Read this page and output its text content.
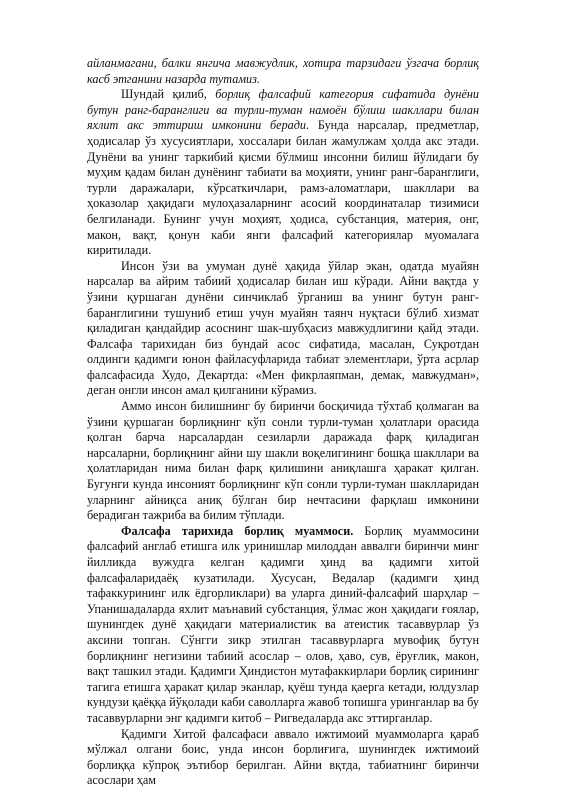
айланмагани, балки янгича мавжудлик, хотира тарзидаги ўзгача борлиқ касб этганини назарда тутамиз.

Шундай қилиб, борлиқ фалсафий категория сифатида дунёни бутун ранг-баранглиги ва турли-туман намоён бўлиш шакллари билан яхлит акс эттириш имконини беради. Бунда нарсалар, предметлар, ҳодисалар ўз хусусиятлари, хоссалари билан жамулжам ҳолда акс этади. Дунёни ва унинг таркибий қисми бўлмиш инсонни билиш йўлидаги бу муҳим қадам билан дунёнинг табиати ва моҳияти, унинг ранг-баранглиги, турли даражалари, кўрсаткичлари, рамз-аломатлари, шакллари ва ҳоказолар ҳақидаги мулоҳазаларнинг асосий координаталар тизимиси белгиланади. Бунинг учун моҳият, ҳодиса, субстанция, материя, онг, макон, вақт, қонун каби янги фалсафий категориялар муомалага киритилади.

Инсон ўзи ва умуман дунё ҳақида ўйлар экан, одатда муайян нарсалар ва айрим табиий ҳодисалар билан иш кўради. Айни вақтда у ўзини қуршаган дунёни синчиклаб ўрганиш ва унинг бутун ранг-баранглигини тушуниб етиш учун муайян таянч нуқтаси бўлиб хизмат қиладиган қандайдир асоснинг шак-шубҳасиз мавжудлигини қайд этади. Фалсафа тарихидан биз бундай асос сифатида, масалан, Суқротдан олдинги қадимги юнон файласуфларида табиат элементлари, ўрта асрлар фалсафасида Худо, Декартда: «Мен фикрлаяпман, демак, мавжудман», деган онгли инсон амал қилганини кўрамиз.

Аммо инсон билишнинг бу биринчи босқичида тўхтаб қолмаган ва ўзини қуршаган борлиқнинг кўп сонли турли-туман ҳолатлари орасида қолган барча нарсалардан сезиларли даражада фарқ қиладиган нарсаларни, борлиқнинг айни шу шакли воқелигининг бошқа шакллари ва ҳолатларидан нима билан фарқ қилишини аниқлашга ҳаракат қилган. Бугунги кунда инсоният борлиқнинг кўп сонли турли-туман шаклларидан уларнинг айниқса аниқ бўлган бир нечтасини фарқлаш имконини берадиган тажриба ва билим тўплади.

Фалсафа тарихида борлиқ муаммоси. Борлиқ муаммосини фалсафий англаб етишга илк уринишлар милоддан аввалги биринчи минг йилликда вужудга келган қадимги ҳинд ва қадимги хитой фалсафаларидаёқ кузатилади. Хусусан, Ведалар (қадимги ҳинд тафаккурининг илк ёдгорликлари) ва уларга диний-фалсафий шарҳлар – Упанишадаларда яхлит маънавий субстанция, ўлмас жон ҳақидаги ғоялар, шунингдек дунё ҳақидаги материалистик ва атеистик тасаввурлар ўз аксини топган. Сўнгги зикр этилган тасаввурларга мувофиқ бутун борлиқнинг негизини табиий асослар – олов, ҳаво, сув, ёруғлик, макон, вақт ташкил этади. Қадимги Ҳиндистон мутафаккирлари борлиқ сирининг тагига етишга ҳаракат қилар эканлар, қуёш тунда қаерга кетади, юлдузлар кундузи қаёққа йўқолади каби саволларга жавоб топишга уринганлар ва бу тасаввурларни энг қадимги китоб – Ригведаларда акс эттирганлар.

Қадимги Хитой фалсафаси аввало ижтимоий муаммоларга қараб мўлжал олгани боис, унда инсон борлиғига, шунингдек ижтимоий борлиққа кўпроқ эътибор берилган. Айни вқтда, табиатнинг биринчи асослари ҳам
